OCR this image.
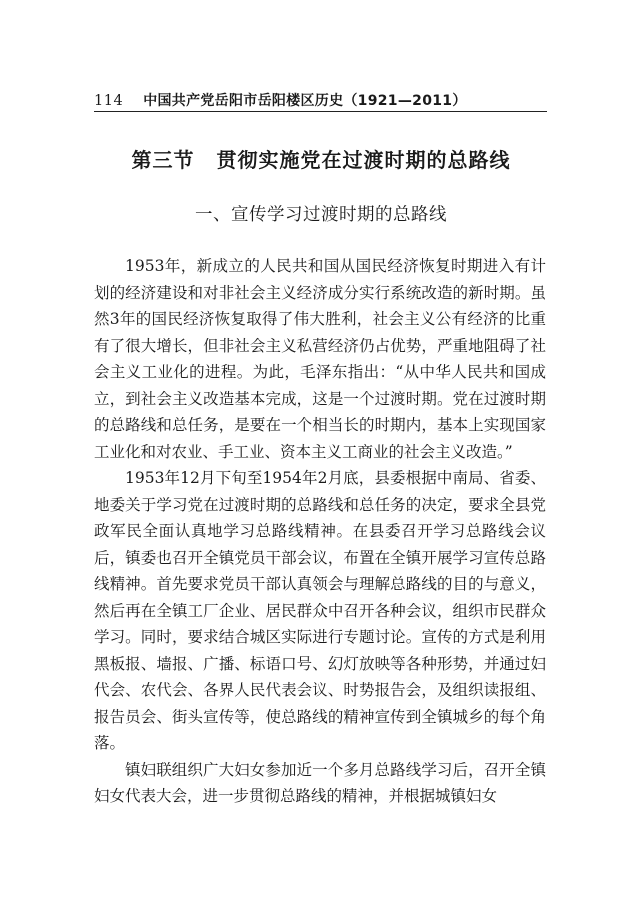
114 中国共产党岳阳市岳阳楼区历史（1921—2011）
第三节 贯彻实施党在过渡时期的总路线
一、宣传学习过渡时期的总路线

1953年，新成立的人民共和国从国民经济恢复时期进入有计划的经济建设和对非社会主义经济成分实行系统改造的新时期。虽然3年的国民经济恢复取得了伟大胜利，社会主义公有经济的比重有了很大增长，但非社会主义私营经济仍占优势，严重地阻碍了社会主义工业化的进程。为此，毛泽东指出：“从中华人民共和国成立，到社会主义改造基本完成，这是一个过渡时期。党在过渡时期的总路线和总任务，是要在一个相当长的时期内，基本上实现国家工业化和对农业、手工业、资本主义工商业的社会主义改造。”

1953年12月下旬至1954年2月底，县委根据中南局、省委、地委关于学习党在过渡时期的总路线和总任务的决定，要求全县党政军民全面认真地学习总路线精神。在县委召开学习总路线会议后，镇委也召开全镇党员干部会议，布置在全镇开展学习宣传总路线精神。首先要求党员干部认真领会与理解总路线的目的与意义，然后再在全镇工厂企业、居民群众中召开各种会议，组织市民群众学习。同时，要求结合城区实际进行专题讨论。宣传的方式是利用黑板报、墙报、广播、标语口号、幻灯放映等各种形势，并通过妇代会、农代会、各界人民代表会议、时势报告会，及组织读报组、报告员会、街头宣传等，使总路线的精神宣传到全镇城乡的每个角落。

镇妇联组织广大妇女参加近一个多月总路线学习后，召开全镇妇女代表大会，进一步贯彻总路线的精神，并根据城镇妇女
